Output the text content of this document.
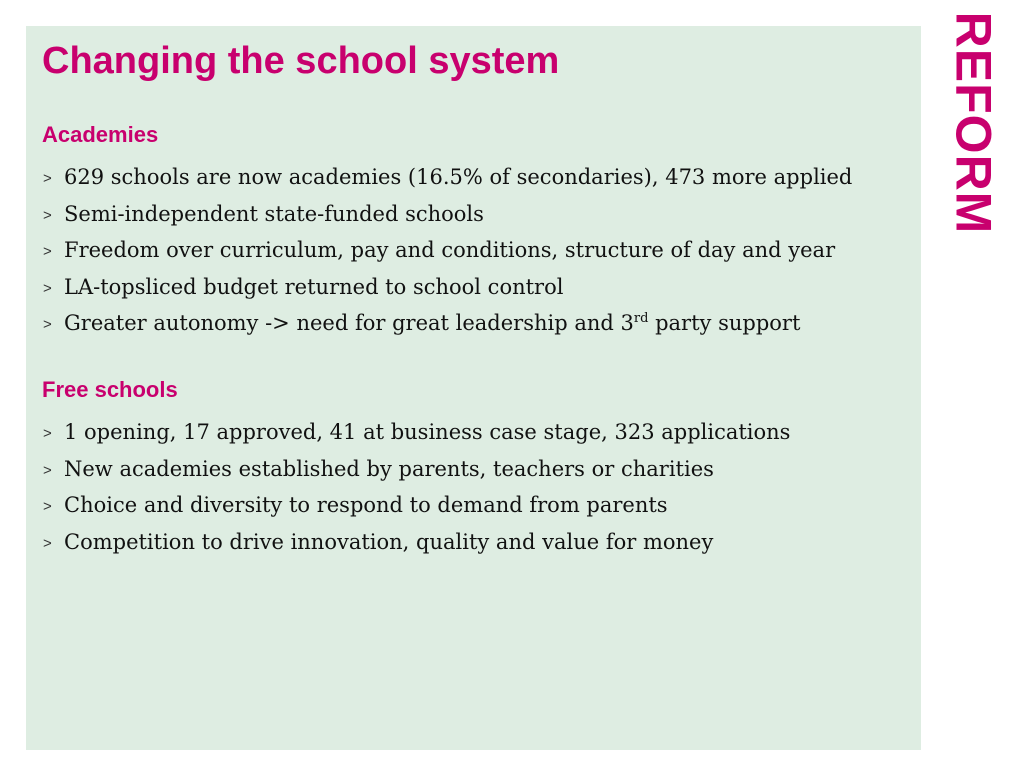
Changing the school system
Academies
> 629 schools are now academies (16.5% of secondaries), 473 more applied
> Semi-independent state-funded schools
> Freedom over curriculum, pay and conditions, structure of day and year
> LA-topsliced budget returned to school control
> Greater autonomy -> need for great leadership and 3rd party support
Free schools
> 1 opening, 17 approved, 41 at business case stage, 323 applications
> New academies established by parents, teachers or charities
> Choice and diversity to respond to demand from parents
> Competition to drive innovation, quality and value for money
REFORM
